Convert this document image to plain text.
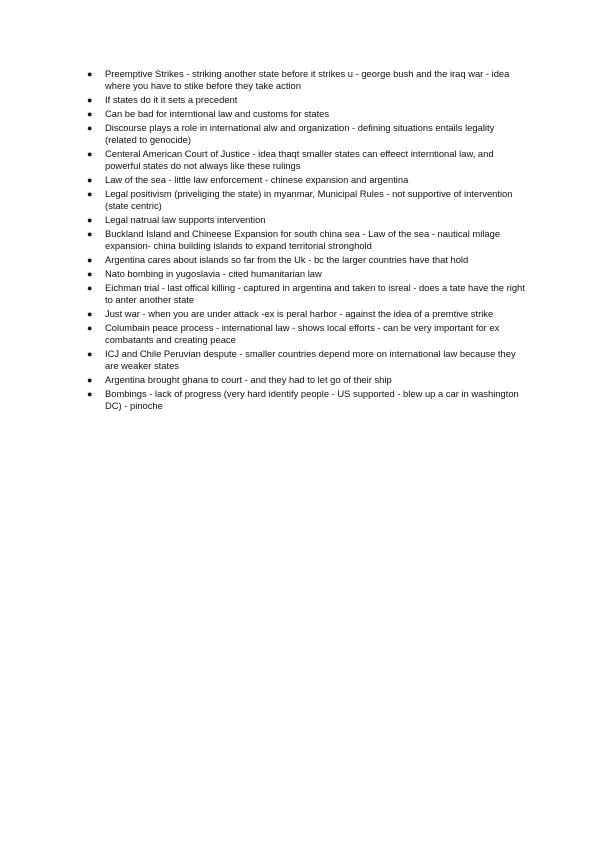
● Preemptive Strikes - striking another state before it strikes u - george bush and the iraq war - idea where you have to stike before they take action
● If states do it it sets a precedent
● Can be bad for interntional law and customs for states
● Discourse plays a role in international alw and organization - defining situations entails legality (related to genocide)
● Centeral American Court of Justice - idea thaqt smaller states can effeect interntional law, and powerful states do not always like these rulings
● Law of the sea - little law enforcement - chinese expansion and argentina
● Legal positivism (priveliging the state) in myanmar, Municipal Rules - not supportive of intervention (state centric)
● Legal natrual law supports intervention
● Buckland Island and Chineese Expansion for south china sea - Law of the sea - nautical milage expansion- china building islands to expand territorial stronghold
● Argentina cares about islands so far from the Uk - bc the larger countries have that hold
● Nato bombing in yugoslavia - cited humanitarian law
● Eichman trial - last offical killing - captured in argentina and taken to isreal - does a tate have the right to anter another state
● Just war - when you are under attack -ex is peral harbor - against the idea of a premtive strike
● Columbain peace process - international law - shows local efforts - can be very important for ex combatants and creating peace
● ICJ and Chile Peruvian despute - smaller countries depend more on international law because they are weaker states
● Argentina brought ghana to court - and they had to let go of their ship
● Bombings - lack of progress (very hard identify people - US supported - blew up a car in washington DC) - pinoche
